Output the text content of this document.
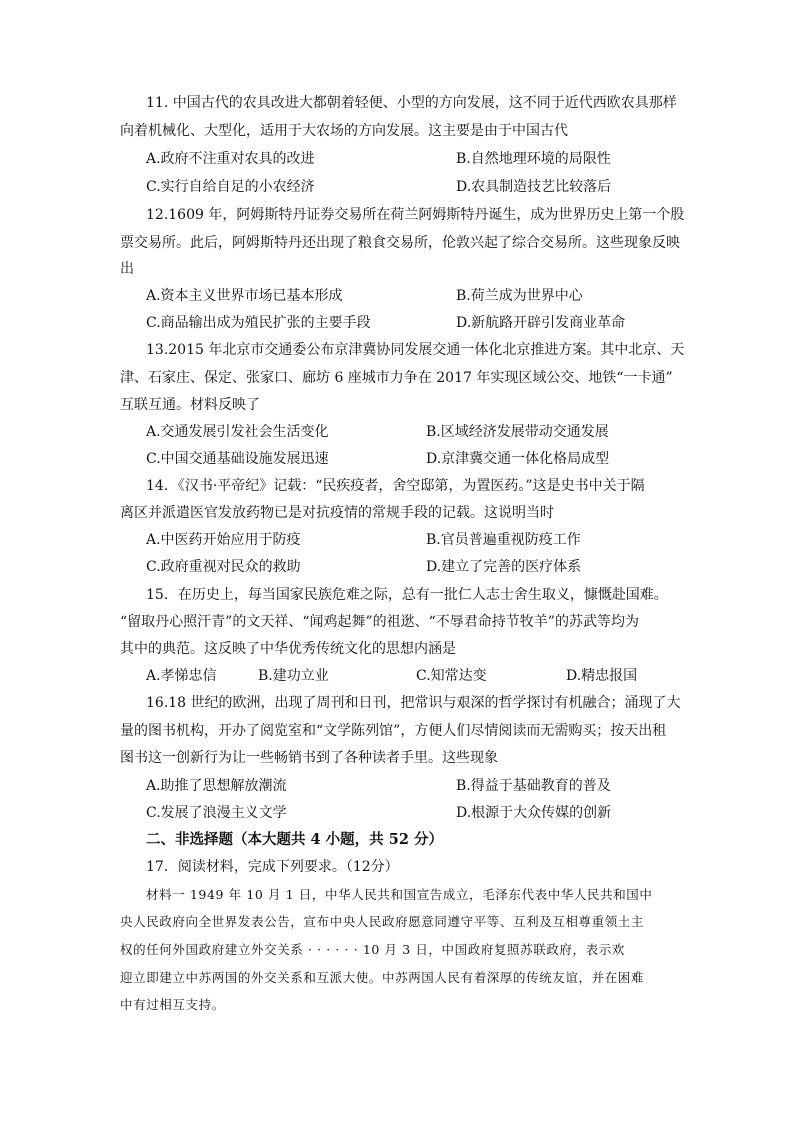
11. 中国古代的农具改进大都朝着轻便、小型的方向发展，这不同于近代西欧农具那样
向着机械化、大型化，适用于大农场的方向发展。这主要是由于中国古代
A.政府不注重对农具的改进	B.自然地理环境的局限性
C.实行自给自足的小农经济	D.农具制造技艺比较落后
12.1609 年，阿姆斯特丹证券交易所在荷兰阿姆斯特丹诞生，成为世界历史上第一个股
票交易所。此后，阿姆斯特丹还出现了粮食交易所，伦敦兴起了综合交易所。这些现象反映
出
A.资本主义世界市场已基本形成	B.荷兰成为世界中心
C.商品输出成为殖民扩张的主要手段	D.新航路开辟引发商业革命
13.2015 年北京市交通委公布京津冀协同发展交通一体化北京推进方案。其中北京、天
津、石家庄、保定、张家口、廊坊 6 座城市力争在 2017 年实现区域公交、地铁“一卡通”
互联互通。材料反映了
A.交通发展引发社会生活变化	B.区域经济发展带动交通发展
C.中国交通基础设施发展迅速	D.京津冀交通一体化格局成型
14．《汉书·平帝纪》记载：“民疾疫者，舍空邸第，为置医药。”这是史书中关于隔
离区并派遣医官发放药物已是对抗疫情的常规手段的记载。这说明当时
A.中医药开始应用于防疫	B.官员普遍重视防疫工作
C.政府重视对民众的救助	D.建立了完善的医疗体系
15．在历史上，每当国家民族危难之际，总有一批仁人志士舍生取义，慷慨赴国难。
“留取丹心照汗青”的文天祥、“闻鸡起舞”的祖逖、“不辱君命持节牧羊”的苏武等均为
其中的典范。这反映了中华优秀传统文化的思想内涵是
A.孝悌忠信	B.建功立业	C.知常达变	D.精忠报国
16.18 世纪的欧洲，出现了周刊和日刊，把常识与艰深的哲学探讨有机融合；涌现了大
量的图书机构，开办了阅览室和“文学陈列馆”，方便人们尽情阅读而无需购买；按天出租
图书这一创新行为让一些畅销书到了各种读者手里。这些现象
A.助推了思想解放潮流	B.得益于基础教育的普及
C.发展了浪漫主义文学	D.根源于大众传媒的创新
二、非选择题（本大题共 4 小题，共 52 分）
17．阅读材料，完成下列要求。（12分）
材料一 1949 年 10 月 1 日，中华人民共和国宣告成立，毛泽东代表中华人民共和国中
央人民政府向全世界发表公告，宣布中央人民政府愿意同遵守平等、互利及互相尊重领土主
权的任何外国政府建立外交关系 · · · · · · 10 月 3 日，中国政府复照苏联政府，表示欢
迎立即建立中苏两国的外交关系和互派大使。中苏两国人民有着深厚的传统友谊，并在困难
中有过相互支持。
